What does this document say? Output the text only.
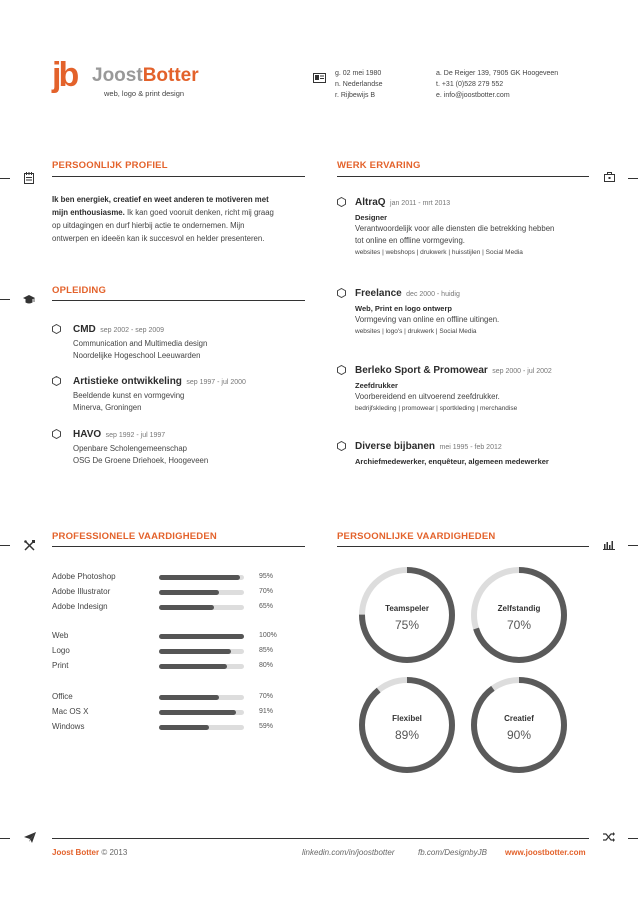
jb JoostBotter
web, logo & print design
g. 02 mei 1980
n. Nederlandse
r. Rijbewijs B
a. De Reiger 139, 7905 GK Hoogeveen
t. +31 (0)528 279 552
e. info@joostbotter.com
PERSOONLIJK PROFIEL
Ik ben energiek, creatief en weet anderen te motiveren met
mijn enthousiasme. Ik kan goed vooruit denken, richt mij graag
op uitdagingen en durf hierbij actie te ondernemen. Mijn
ontwerpen en ideeën kan ik succesvol en helder presenteren.
WERK ERVARING
AltraQ jan 2011 - mrt 2013
Designer
Verantwoordelijk voor alle diensten die betrekking hebben
tot online en offline vormgeving.
websites | webshops | drukwerk | huisstijlen | Social Media
Freelance dec 2000 - huidig
Web, Print en logo ontwerp
Vormgeving van online en offline uitingen.
websites | logo's | drukwerk | Social Media
Berleko Sport & Promowear sep 2000 - jul 2002
Zeefdrukker
Voorbereidend en uitvoerend zeefdrukker.
bedrijfskleding | promowear | sportkleding | merchandise
Diverse bijbanen mei 1995 - feb 2012
Archiefmedewerker, enquêteur, algemeen medewerker
OPLEIDING
CMD sep 2002 - sep 2009
Communication and Multimedia design
Noordelijke Hogeschool Leeuwarden
Artistieke ontwikkeling sep 1997 - jul 2000
Beeldende kunst en vormgeving
Minerva, Groningen
HAVO sep 1992 - jul 1997
Openbare Scholengemeenschap
OSG De Groene Driehoek, Hoogeveen
PROFESSIONELE VAARDIGHEDEN
Adobe Photoshop	95%
Adobe Illustrator	70%
Adobe Indesign	65%
Web	100%
Logo	85%
Print	80%
Office	70%
Mac OS X	91%
Windows	59%
PERSOONLIJKE VAARDIGHEDEN
Teamspeler
75%
Zelfstandig
70%
Flexibel
89%
Creatief
90%
Joost Botter © 2013	linkedin.com/in/joostbotter	fb.com/DesignbyJB www.joostbotter.com
